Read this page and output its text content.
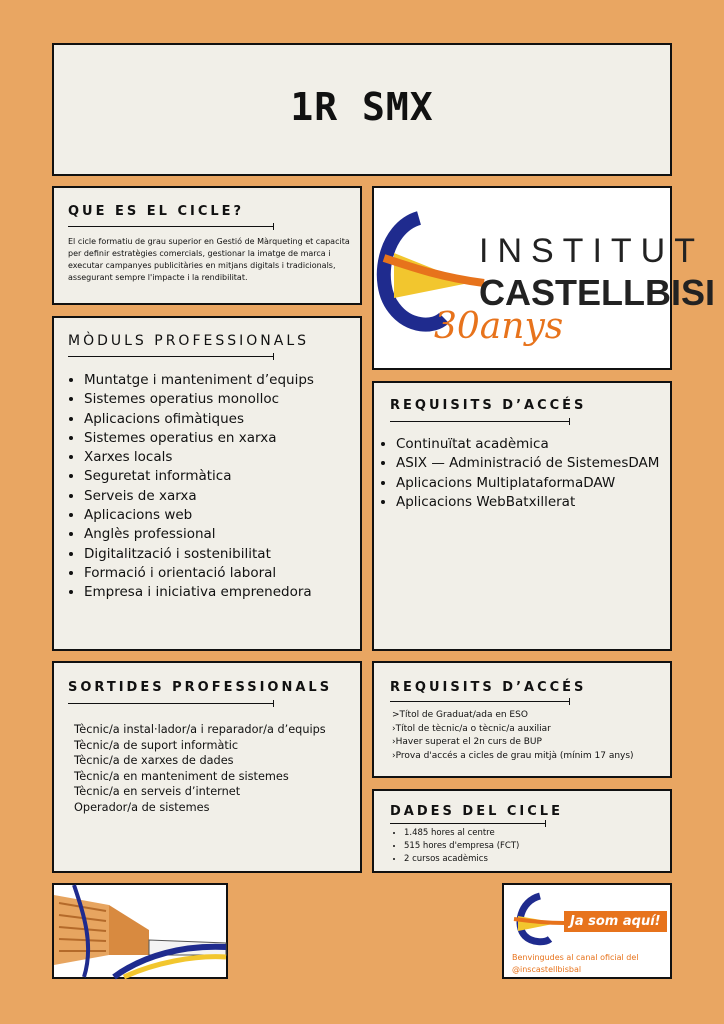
1R SMX
QUE ES EL CICLE?
El cicle formatiu de grau superior en Gestió de Màrqueting et capacita per definir estratègies comercials, gestionar la imatge de marca i executar campanyes publicitàries en mitjans digitals i tradicionals, assegurant sempre l'impacte i la rendibilitat.
INSTITUT
CASTELLBISI
30anys
MÒDULS PROFESSIONALS
• Muntatge i manteniment d’equips
• Sistemes operatius monolloc
• Aplicacions ofimàtiques
• Sistemes operatius en xarxa
• Xarxes locals
• Seguretat informàtica
• Serveis de xarxa
• Aplicacions web
• Anglès professional
• Digitalització i sostenibilitat
• Formació i orientació laboral
• Empresa i iniciativa emprenedora
REQUISITS D’ACCÉS
• Continuïtat acadèmica
• ASIX — Administració de SistemesDAM
• Aplicacions MultiplataformaDAW
• Aplicacions WebBatxillerat
SORTIDES PROFESSIONALS
Tècnic/a instal·lador/a i reparador/a d’equips
Tècnic/a de suport informàtic
Tècnic/a de xarxes de dades
Tècnic/a en manteniment de sistemes
Tècnic/a en serveis d’internet
Operador/a de sistemes
REQUISITS D’ACCÉS
>Títol de Graduat/ada en ESO
›Títol de tècnic/a o tècnic/a auxiliar
›Haver superat el 2n curs de BUP
›Prova d'accés a cicles de grau mitjà (mínim 17 anys)
DADES DEL CICLE
• 1.485 hores al centre
• 515 hores d'empresa (FCT)
• 2 cursos acadèmics
Ja som aquí!
Benvingudes al canal oficial del
@inscastellbisbal
